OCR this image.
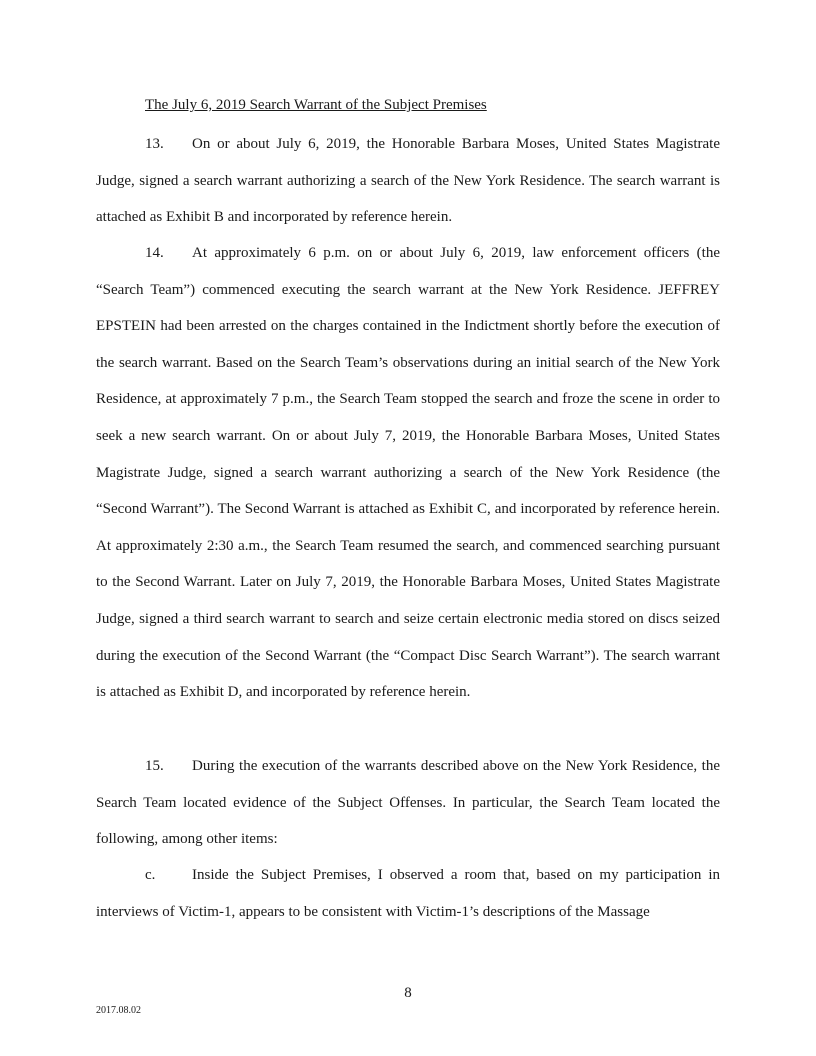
The July 6, 2019 Search Warrant of the Subject Premises

13. On or about July 6, 2019, the Honorable Barbara Moses, United States Magistrate Judge, signed a search warrant authorizing a search of the New York Residence. The search warrant is attached as Exhibit B and incorporated by reference herein.

14. At approximately 6 p.m. on or about July 6, 2019, law enforcement officers (the “Search Team”) commenced executing the search warrant at the New York Residence. JEFFREY EPSTEIN had been arrested on the charges contained in the Indictment shortly before the execution of the search warrant. Based on the Search Team’s observations during an initial search of the New York Residence, at approximately 7 p.m., the Search Team stopped the search and froze the scene in order to seek a new search warrant. On or about July 7, 2019, the Honorable Barbara Moses, United States Magistrate Judge, signed a search warrant authorizing a search of the New York Residence (the “Second Warrant”). The Second Warrant is attached as Exhibit C, and incorporated by reference herein. At approximately 2:30 a.m., the Search Team resumed the search, and commenced searching pursuant to the Second Warrant. Later on July 7, 2019, the Honorable Barbara Moses, United States Magistrate Judge, signed a third search warrant to search and seize certain electronic media stored on discs seized during the execution of the Second Warrant (the “Compact Disc Search Warrant”). The search warrant is attached as Exhibit D, and incorporated by reference herein.

15. During the execution of the warrants described above on the New York Residence, the Search Team located evidence of the Subject Offenses. In particular, the Search Team located the following, among other items:

c. Inside the Subject Premises, I observed a room that, based on my participation in interviews of Victim-1, appears to be consistent with Victim-1’s descriptions of the Massage

8
2017.08.02
